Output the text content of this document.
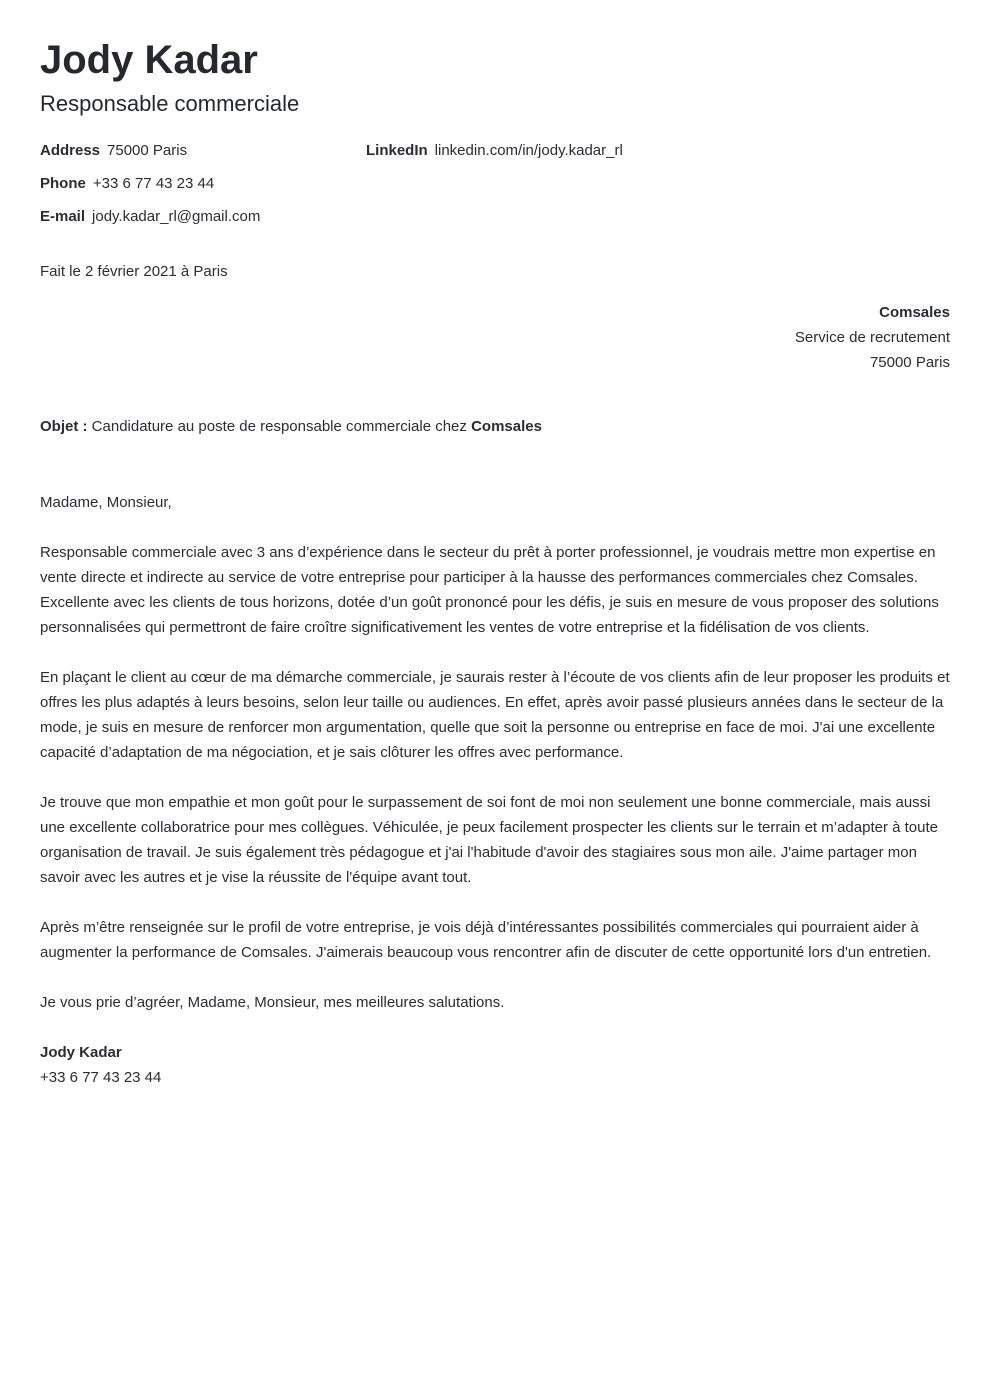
Jody Kadar
Responsable commerciale
Address 75000 Paris	LinkedIn linkedin.com/in/jody.kadar_rl
Phone +33 6 77 43 23 44
E-mail jody.kadar_rl@gmail.com
Fait le 2 février 2021 à Paris
Comsales
Service de recrutement
75000 Paris
Objet : Candidature au poste de responsable commerciale chez Comsales

Madame, Monsieur,

Responsable commerciale avec 3 ans d’expérience dans le secteur du prêt à porter professionnel, je voudrais mettre mon expertise en vente directe et indirecte au service de votre entreprise pour participer à la hausse des performances commerciales chez Comsales. Excellente avec les clients de tous horizons, dotée d’un goût prononcé pour les défis, je suis en mesure de vous proposer des solutions personnalisées qui permettront de faire croître significativement les ventes de votre entreprise et la fidélisation de vos clients.

En plaçant le client au cœur de ma démarche commerciale, je saurais rester à l’écoute de vos clients afin de leur proposer les produits et offres les plus adaptés à leurs besoins, selon leur taille ou audiences. En effet, après avoir passé plusieurs années dans le secteur de la mode, je suis en mesure de renforcer mon argumentation, quelle que soit la personne ou entreprise en face de moi. J'ai une excellente capacité d’adaptation de ma négociation, et je sais clôturer les offres avec performance.

Je trouve que mon empathie et mon goût pour le surpassement de soi font de moi non seulement une bonne commerciale, mais aussi une excellente collaboratrice pour mes collègues. Véhiculée, je peux facilement prospecter les clients sur le terrain et m’adapter à toute organisation de travail. Je suis également très pédagogue et j'ai l'habitude d'avoir des stagiaires sous mon aile. J'aime partager mon savoir avec les autres et je vise la réussite de l'équipe avant tout.

Après m’être renseignée sur le profil de votre entreprise, je vois déjà d’intéressantes possibilités commerciales qui pourraient aider à augmenter la performance de Comsales. J'aimerais beaucoup vous rencontrer afin de discuter de cette opportunité lors d'un entretien.

Je vous prie d’agréer, Madame, Monsieur, mes meilleures salutations.

Jody Kadar
+33 6 77 43 23 44
